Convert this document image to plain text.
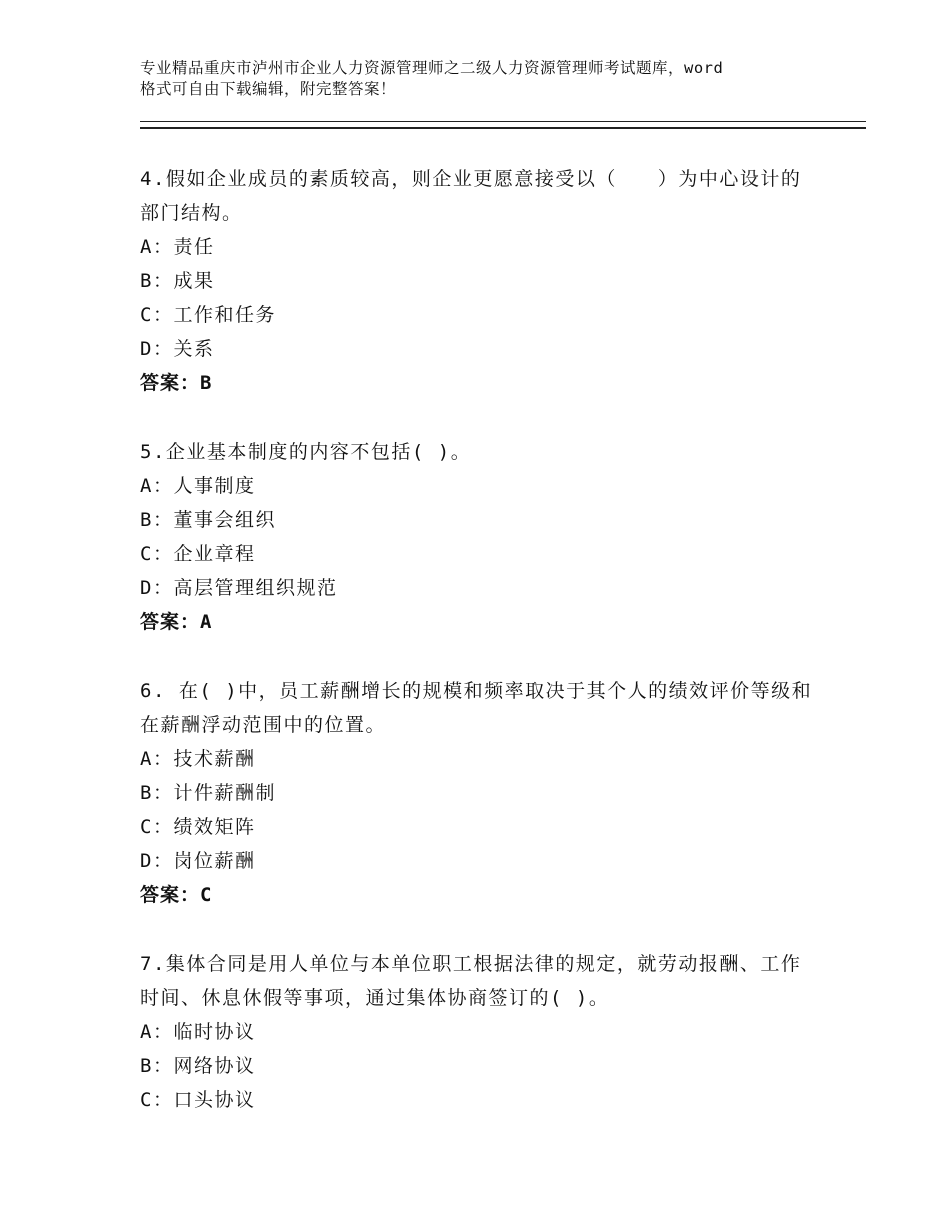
专业精品重庆市泸州市企业人力资源管理师之二级人力资源管理师考试题库，word
格式可自由下载编辑，附完整答案！
4.假如企业成员的素质较高，则企业更愿意接受以（　　）为中心设计的部门结构。
A：责任
B：成果
C：工作和任务
D：关系
答案：B
5.企业基本制度的内容不包括( )。
A：人事制度
B：董事会组织
C：企业章程
D：高层管理组织规范
答案：A
6. 在( )中，员工薪酬增长的规模和频率取决于其个人的绩效评价等级和在薪酬浮动范围中的位置。
A：技术薪酬
B：计件薪酬制
C：绩效矩阵
D：岗位薪酬
答案：C
7.集体合同是用人单位与本单位职工根据法律的规定，就劳动报酬、工作时间、休息休假等事项，通过集体协商签订的( )。
A：临时协议
B：网络协议
C：口头协议
